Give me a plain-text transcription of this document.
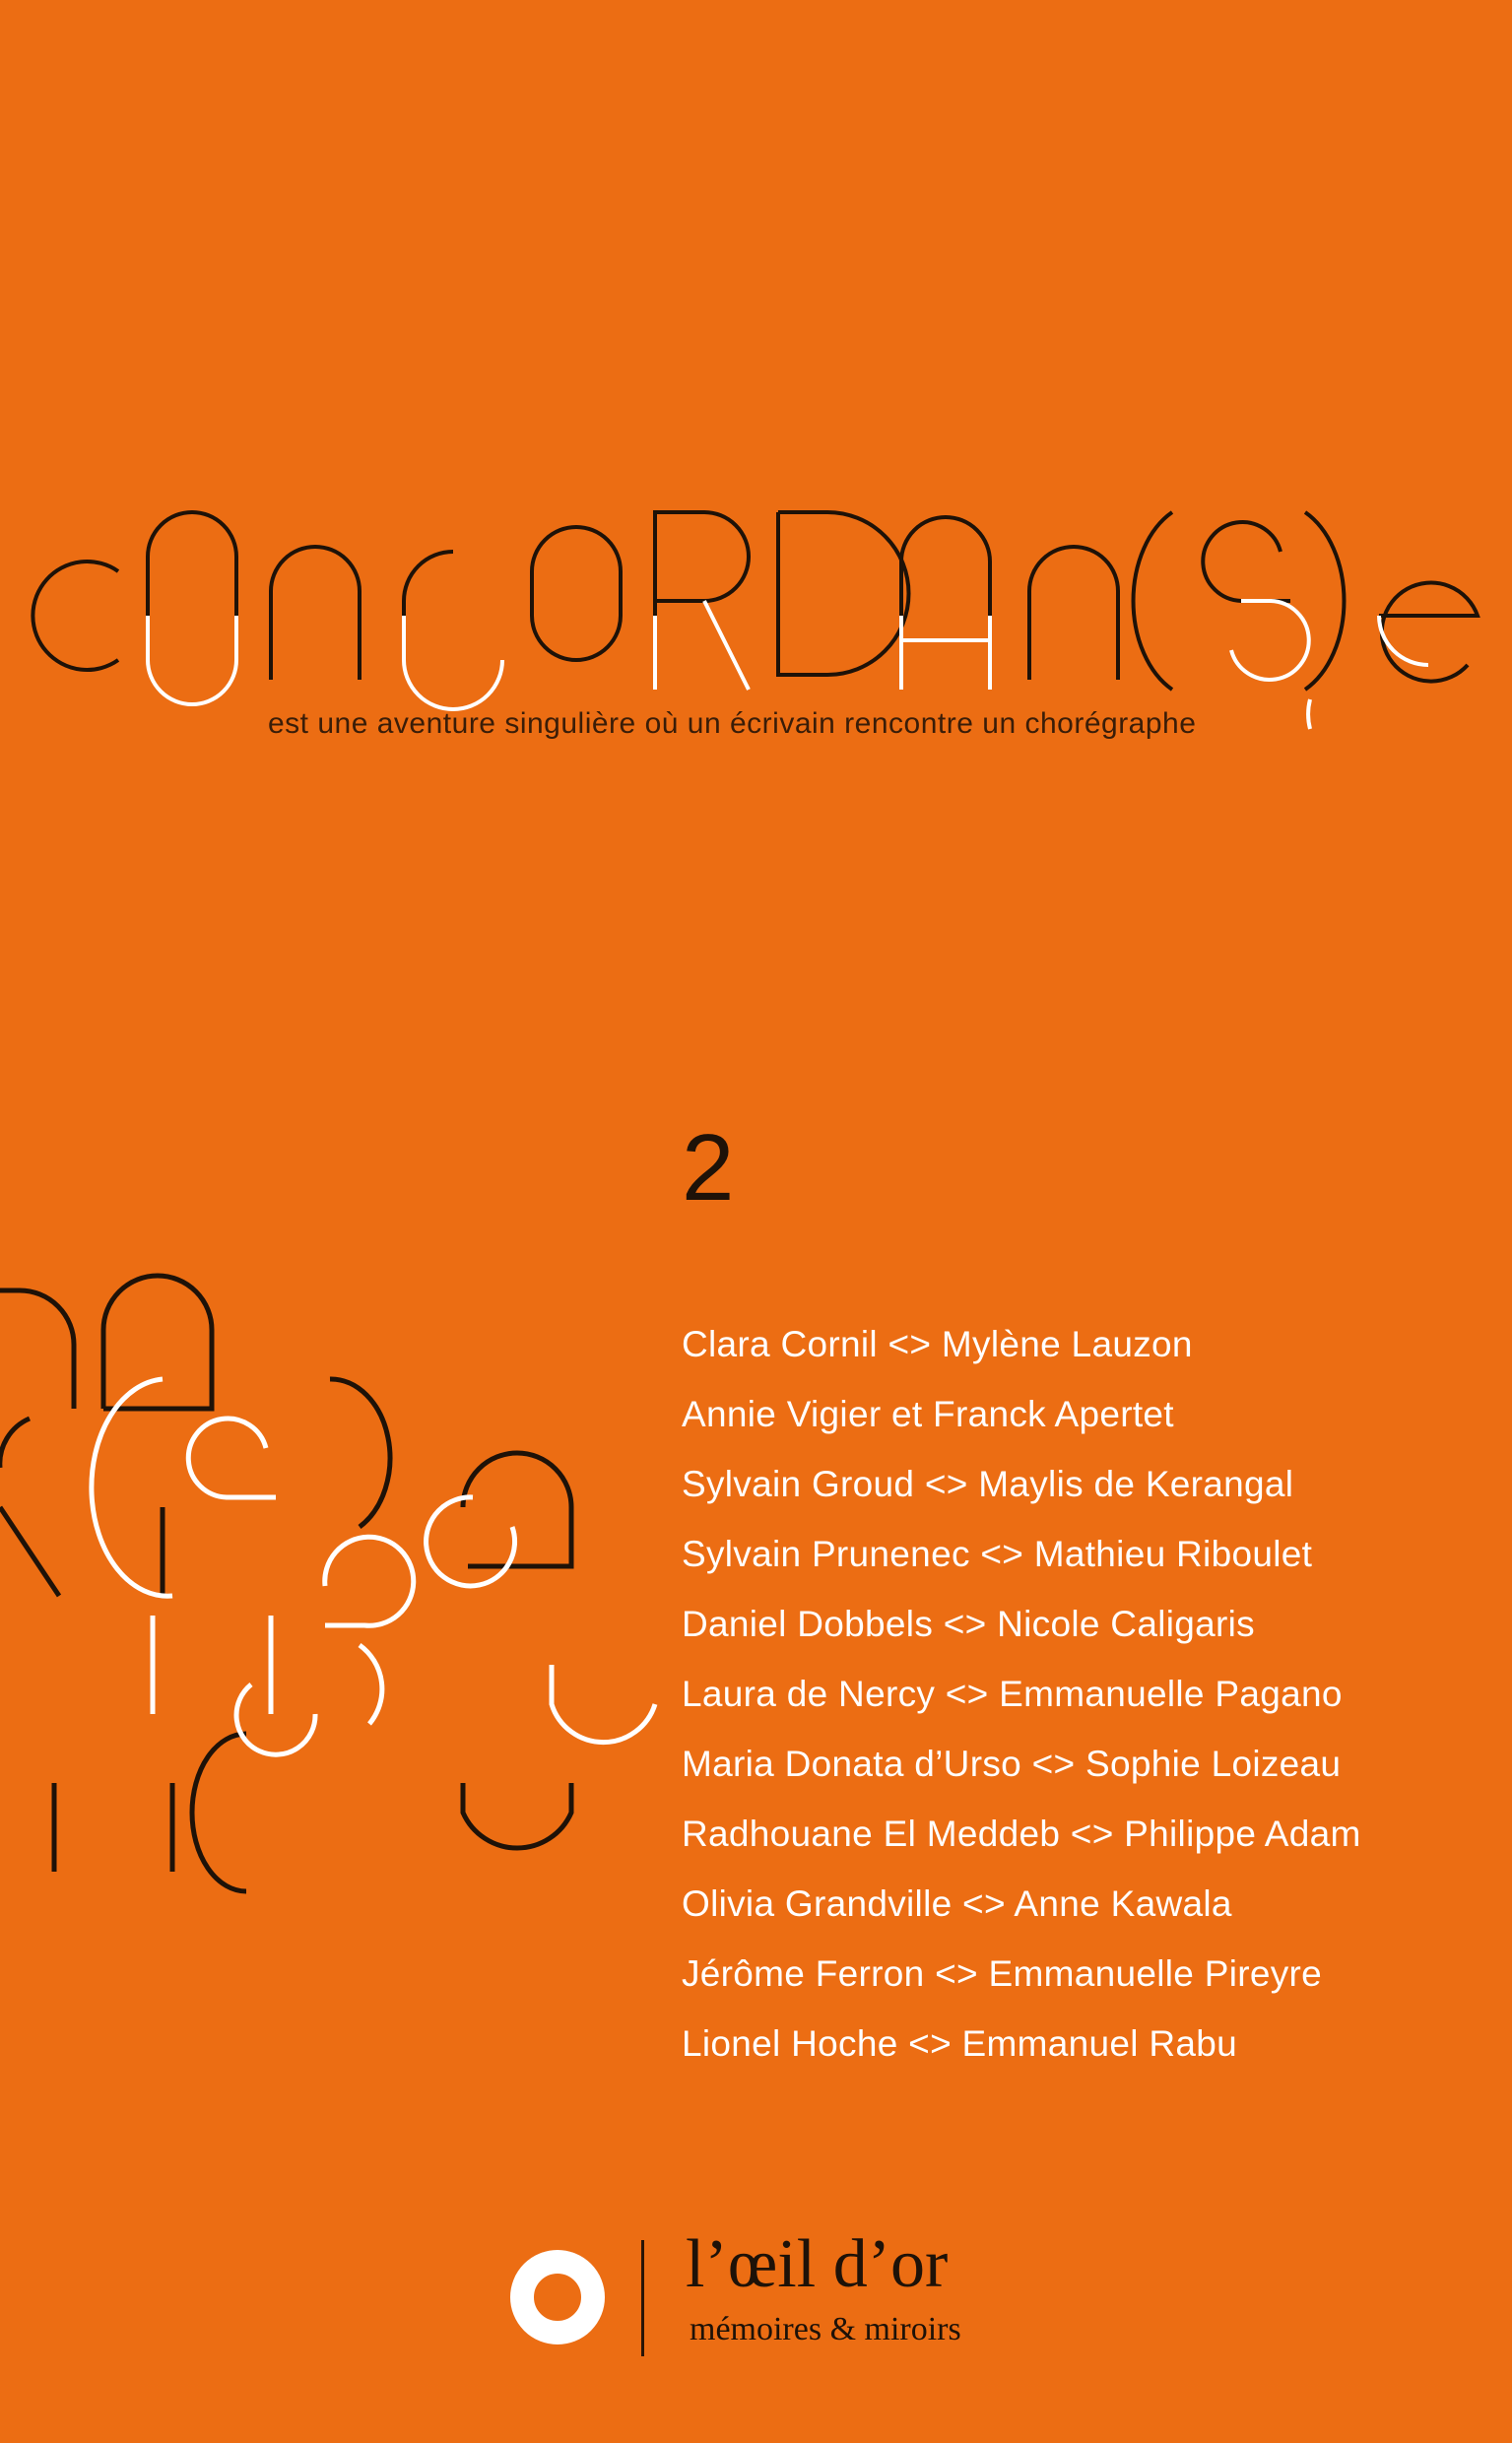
est une aventure singulière où un écrivain rencontre un chorégraphe
2
Clara Cornil <> Mylène Lauzon
Annie Vigier et Franck Apertet
Sylvain Groud <> Maylis de Kerangal
Sylvain Prunenec <> Mathieu Riboulet
Daniel Dobbels <> Nicole Caligaris
Laura de Nercy <> Emmanuelle Pagano
Maria Donata d’Urso <> Sophie Loizeau
Radhouane El Meddeb <> Philippe Adam
Olivia Grandville <> Anne Kawala
Jérôme Ferron <> Emmanuelle Pireyre
Lionel Hoche <> Emmanuel Rabu
l’œil d’or
mémoires & miroirs
